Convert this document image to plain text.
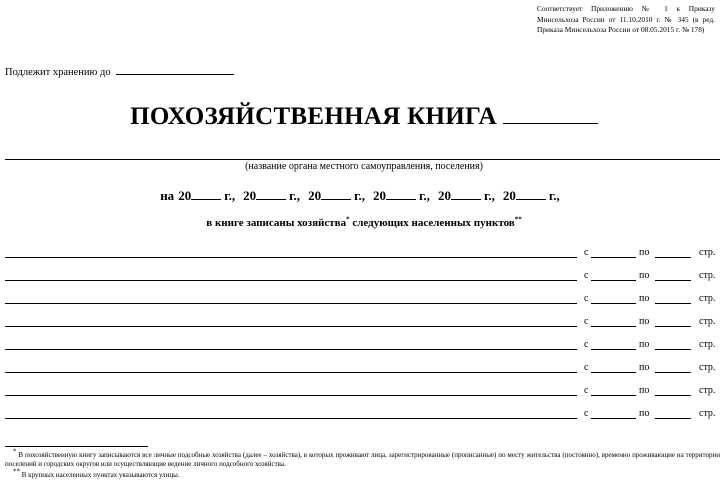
Соответствует Приложению № 1 к Приказу Минсельхоза России от 11.10.2010 г. № 345 (в ред. Приказа Минсельхоза России от 08.05.2015 г. № 178)
Подлежит хранению до
ПОХОЗЯЙСТВЕННАЯ КНИГА
(название органа местного самоуправления, поселения)
на 20	г., 20	г., 20	г., 20	г., 20	г., 20	г.,
в книге записаны хозяйства* следующих населенных пунктов**
с	по	стр.
с	по	стр.
с	по	стр.
с	по	стр.
с	по	стр.
с	по	стр.
с	по	стр.
с	по	стр.
* В похозяйственную книгу записываются все личные подсобные хозяйства (далее – хозяйства), в которых проживают лица, зарегистрированные (прописанные) по месту жительства (постоянно), временно проживающие на территории поселений и городских округов или осуществляющие ведение личного подсобного хозяйства.
** В крупных населенных пунктах указываются улицы.
